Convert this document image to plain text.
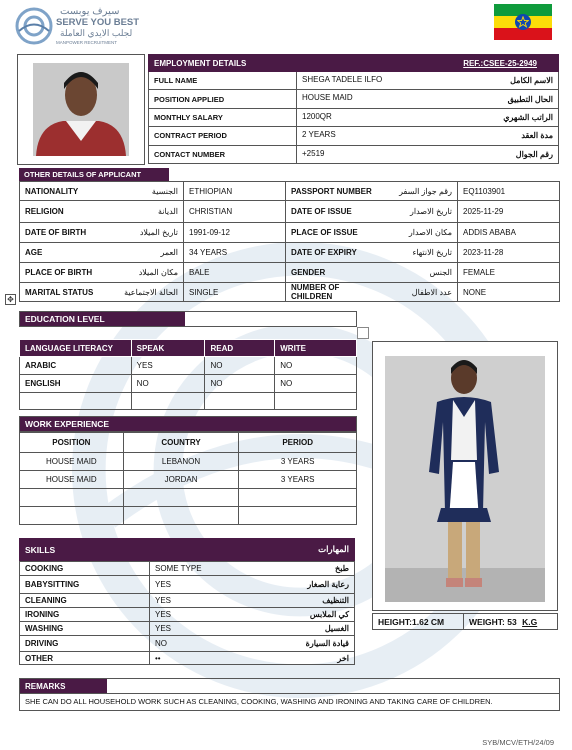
سيرف يوبست
SERVE YOU BEST
لجلب الايدي العاملة
MANPOWER RECRUITMENT
EMPLOYMENT DETAILS	REF.:CSEE-25-2949
FULL NAME	SHEGA TADELE ILFO	الاسم الكامل
POSITION APPLIED	HOUSE MAID	الحال التطبيق
MONTHLY SALARY	1200QR	الراتب الشهري
CONTRACT PERIOD	2 YEARS	مدة العقد
CONTACT NUMBER	+2519	رقم الجوال
OTHER DETAILS OF APPLICANT
NATIONALITY	الجنسية	ETHIOPIAN	PASSPORT NUMBER	رقم جواز السفر	EQ1103901
RELIGION	الديانة	CHRISTIAN	DATE OF ISSUE	تاريخ الاصدار	2025-11-29
DATE OF BIRTH	تاريخ الميلاد	1991-09-12	PLACE OF ISSUE	مكان الاصدار	ADDIS ABABA
AGE	العمر	34 YEARS	DATE OF EXPIRY	تاريخ الانتهاء	2023-11-28
PLACE OF BIRTH	مكان الميلاد	BALE	GENDER	الجنس	FEMALE
MARITAL STATUS	الحالة الاجتماعية	SINGLE	NUMBER OF CHILDREN	عدد الاطفال	NONE
✥
EDUCATION LEVEL
LANGUAGE LITERACY	SPEAK	READ	WRITE
ARABIC	YES	NO	NO
ENGLISH	NO	NO	NO

WORK EXPERIENCE
POSITION	COUNTRY	PERIOD
HOUSE MAID	LEBANON	3 YEARS
HOUSE MAID	JORDAN	3 YEARS

SKILLS	المهارات
COOKING	SOME TYPE	طبخ
BABYSITTING	YES	رعاية الصغار
CLEANING	YES	التنظيف
IRONING	YES	كي الملابس
WASHING	YES	الغسيل
DRIVING	NO	قيادة السيارة
OTHER	••	اخر
HEIGHT:1.62 CM	WEIGHT: 53 K.G
REMARKS
SHE CAN DO ALL HOUSEHOLD WORK SUCH AS CLEANING, COOKING, WASHING AND IRONING AND TAKING CARE OF CHILDREN.
SYB/MCV/ETH/24/09
